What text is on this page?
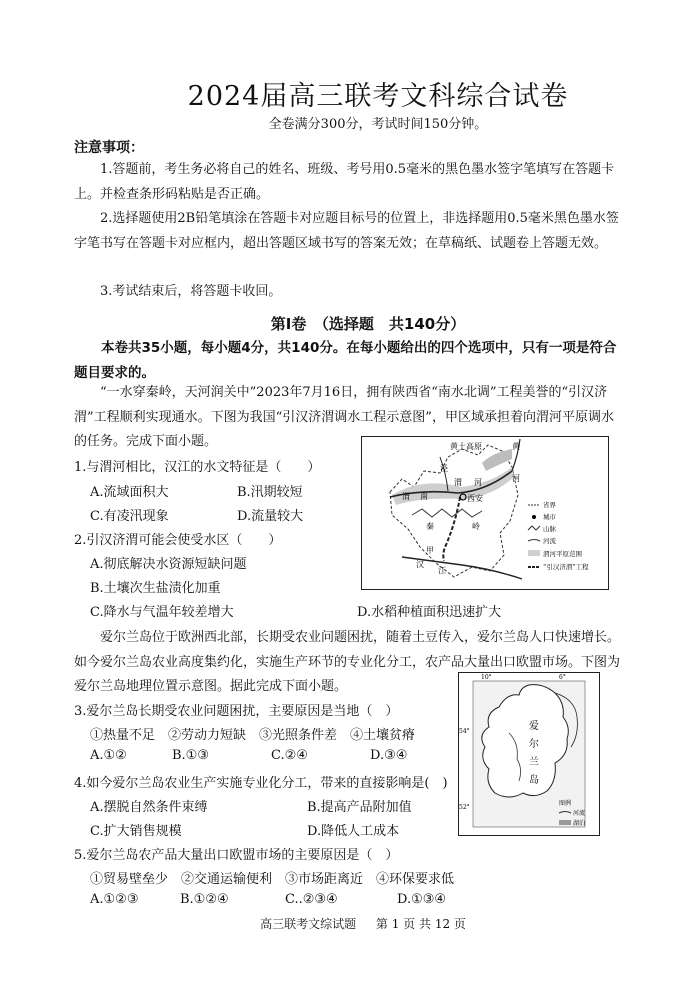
2024届高三联考文科综合试卷
全卷满分300分，考试时间150分钟。
注意事项：

1.答题前，考生务必将自己的姓名、班级、考号用0.5毫米的黑色墨水签字笔填写在答题卡上。并检查条形码粘贴是否正确。

2.选择题使用2B铅笔填涂在答题卡对应题目标号的位置上，非选择题用0.5毫米黑色墨水签字笔书写在答题卡对应框内，超出答题区域书写的答案无效；在草稿纸、试题卷上答题无效。

3.考试结束后，将答题卡收回。

第Ⅰ卷　（选择题　共140分）

本卷共35小题，每小题4分，共140分。在每小题给出的四个选项中，只有一项是符合题目要求的。

“一水穿秦岭，天河润关中”2023年7月16日，拥有陕西省“南水北调”工程美誉的“引汉济渭”工程顺利实现通水。下图为我国“引汉济渭调水工程示意图”，甲区域承担着向渭河平原调水的任务。完成下面小题。

1.与渭河相比，汉江的水文特征是（　　）
A.流域面积大	B.汛期较短
C.有凌汛现象	D.流量较大
2.引汉济渭可能会使受水区（　　）
A.彻底解决水资源短缺问题
B.土壤次生盐渍化加重
C.降水与气温年较差增大	D.水稻种植面积迅速扩大

爱尔兰岛位于欧洲西北部，长期受农业问题困扰，随着土豆传入，爱尔兰岛人口快速增长。如今爱尔兰岛农业高度集约化，实施生产环节的专业化分工，农产品大量出口欧盟市场。下图为爱尔兰岛地理位置示意图。据此完成下面小题。

3.爱尔兰岛长期受农业问题困扰，主要原因是当地（　）
①热量不足　②劳动力短缺　③光照条件差　④土壤贫瘠
A.①②	B.①③	C.②④	D.③④
4.如今爱尔兰岛农业生产实施专业化分工，带来的直接影响是(　)
A.摆脱自然条件束缚	B.提高产品附加值
C.扩大销售规模	D.降低人工成本
5.爱尔兰岛农产品大量出口欧盟市场的主要原因是（　）
①贸易壁垒少　②交通运输便利　③市场距离近　④环保要求低
A.①②③	B.①②④	C..②③④	D.①③④
黄土高原	黄
河
泾
渭 河
渭 南	西安
秦	岭
甲
汉
江
省界
城市
山脉
河流
渭河平原范围
“引汉济渭”工程
10°	6°
54°
52°
爱
尔
兰
岛
图例
河流
湖泊
高三联考文综试题 第 1 页 共 12 页
